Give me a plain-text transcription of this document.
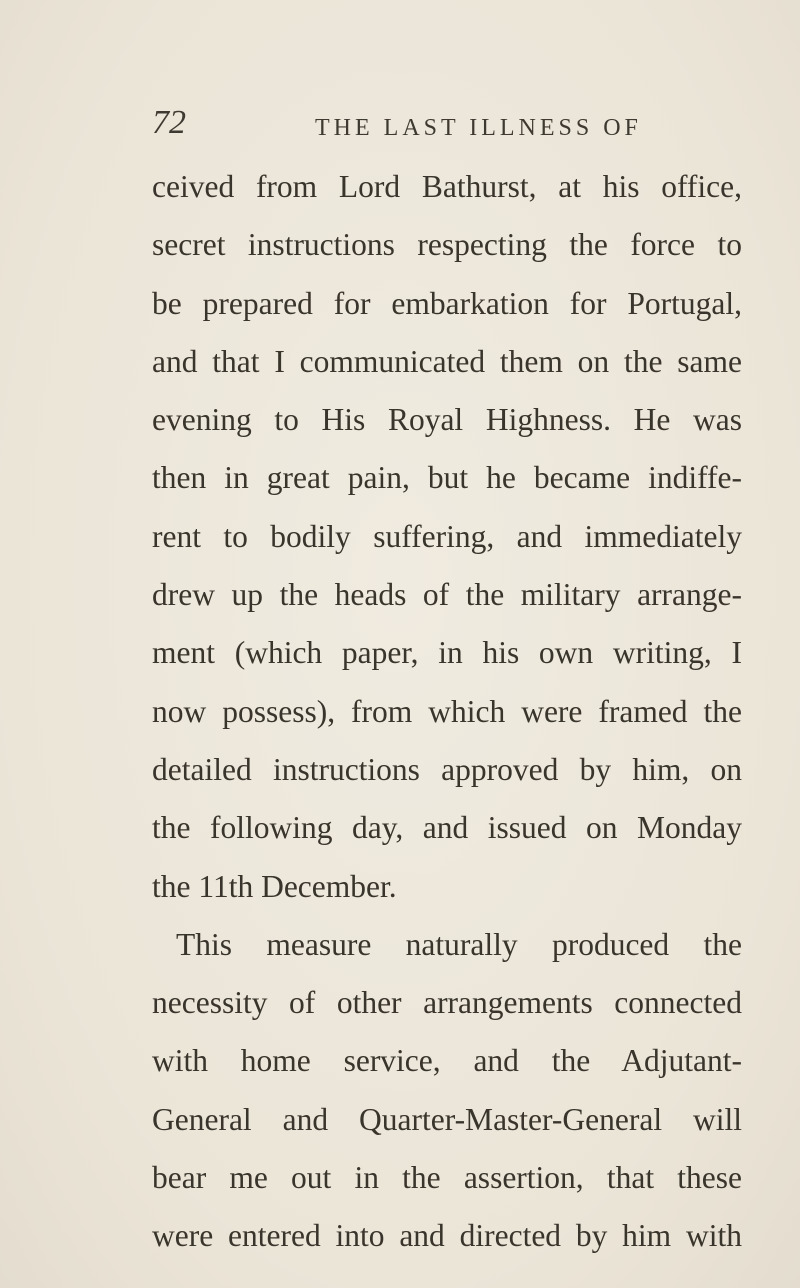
72	THE LAST ILLNESS OF
ceived from Lord Bathurst, at his office,
secret instructions respecting the force to
be prepared for embarkation for Portugal,
and that I communicated them on the same
evening to His Royal Highness. He was
then in great pain, but he became indiffe-
rent to bodily suffering, and immediately
drew up the heads of the military arrange-
ment (which paper, in his own writing, I
now possess), from which were framed the
detailed instructions approved by him, on
the following day, and issued on Monday
the 11th December.
This measure naturally produced the
necessity of other arrangements connected
with home service, and the Adjutant-
General and Quarter-Master-General will
bear me out in the assertion, that these
were entered into and directed by him with
